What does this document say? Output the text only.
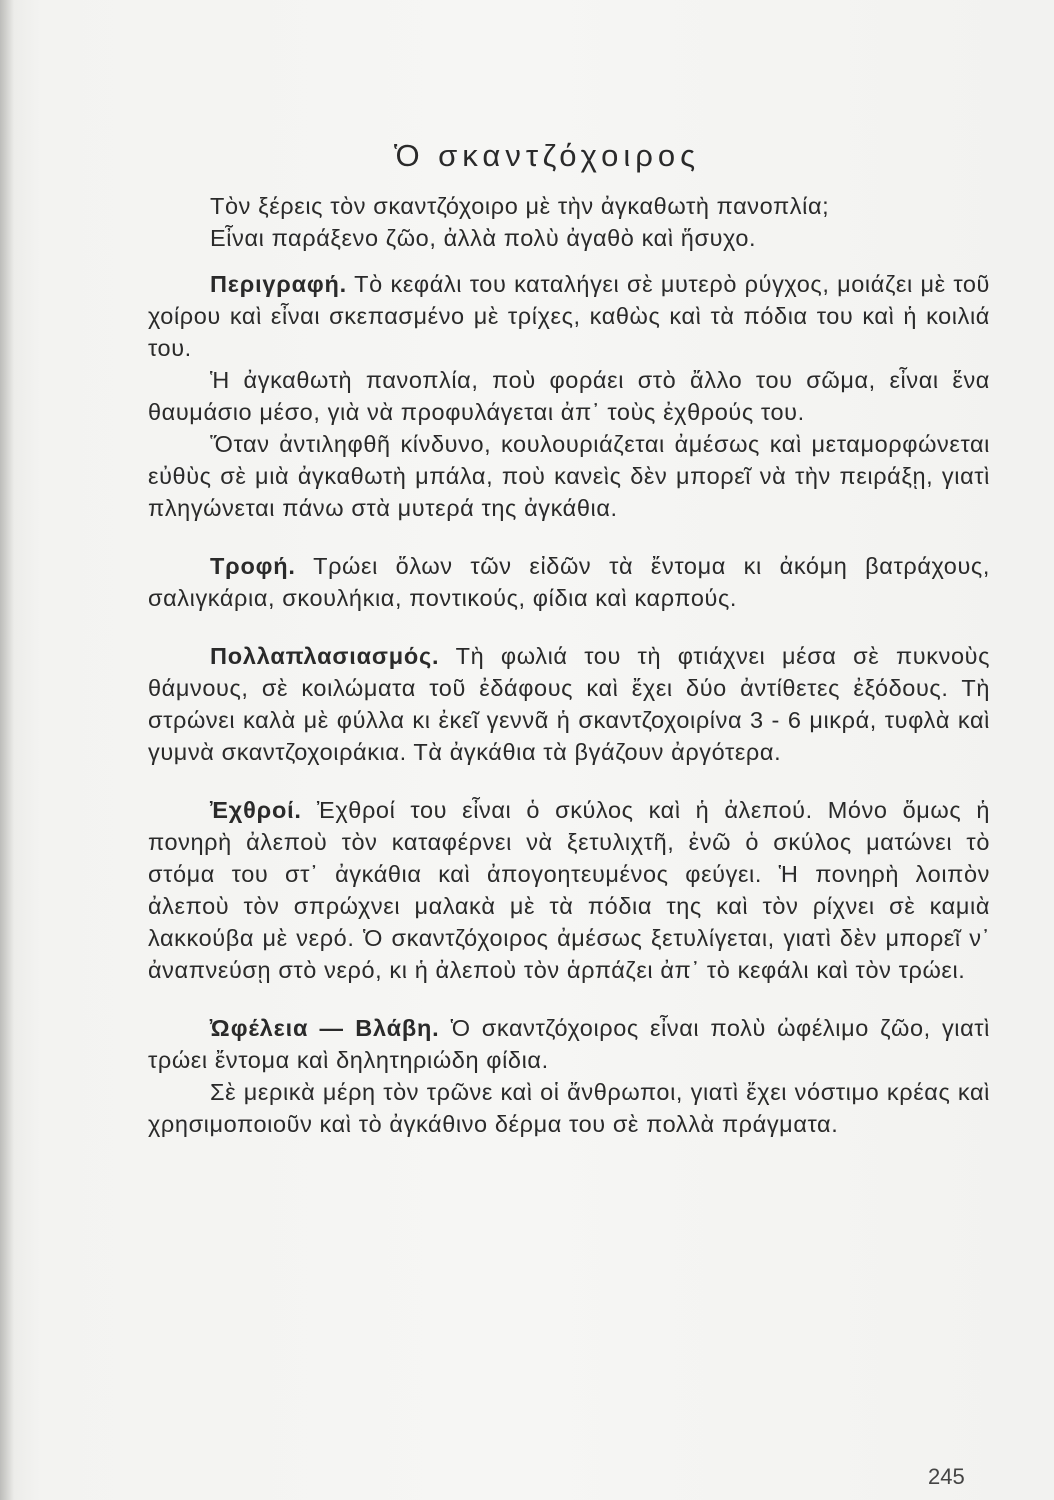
Ὁ σκαντζόχοιρος

Τὸν ξέρεις τὸν σκαντζόχοιρο μὲ τὴν ἀγκαθωτὴ πανοπλία;

Εἶναι παράξενο ζῶο, ἀλλὰ πολὺ ἀγαθὸ καὶ ἥσυχο.

Περιγραφή. Τὸ κεφάλι του καταλήγει σὲ μυτερὸ ρύγχος, μοιάζει μὲ τοῦ χοίρου καὶ εἶναι σκεπασμένο μὲ τρίχες, καθὼς καὶ τὰ πόδια του καὶ ἡ κοιλιά του.

Ἡ ἀγκαθωτὴ πανοπλία, ποὺ φοράει στὸ ἄλλο του σῶμα, εἶναι ἕνα θαυμάσιο μέσο, γιὰ νὰ προφυλάγεται ἀπ᾿ τοὺς ἐχθρούς του.

Ὅταν ἀντιληφθῆ κίνδυνο, κουλουριάζεται ἀμέσως καὶ μεταμορφώνεται εὐθὺς σὲ μιὰ ἀγκαθωτὴ μπάλα, ποὺ κανεὶς δὲν μπορεῖ νὰ τὴν πειράξῃ, γιατὶ πληγώνεται πάνω στὰ μυτερά της ἀγκάθια.

Τροφή. Τρώει ὅλων τῶν εἰδῶν τὰ ἔντομα κι ἀκόμη βατράχους, σαλιγκάρια, σκουλήκια, ποντικούς, φίδια καὶ καρπούς.

Πολλαπλασιασμός. Τὴ φωλιά του τὴ φτιάχνει μέσα σὲ πυκνοὺς θάμνους, σὲ κοιλώματα τοῦ ἐδάφους καὶ ἔχει δύο ἀντίθετες ἐξόδους. Τὴ στρώνει καλὰ μὲ φύλλα κι ἐκεῖ γεννᾶ ἡ σκαντζοχοιρίνα 3 - 6 μικρά, τυφλὰ καὶ γυμνὰ σκαντζοχοιράκια. Τὰ ἀγκάθια τὰ βγάζουν ἀργότερα.

Ἐχθροί. Ἐχθροί του εἶναι ὁ σκύλος καὶ ἡ ἀλεπού. Μόνο ὅμως ἡ πονηρὴ ἀλεποὺ τὸν καταφέρνει νὰ ξετυλιχτῆ, ἐνῶ ὁ σκύλος ματώνει τὸ στόμα του στ᾿ ἀγκάθια καὶ ἀπογοητευμένος φεύγει. Ἡ πονηρὴ λοιπὸν ἀλεποὺ τὸν σπρώχνει μαλακὰ μὲ τὰ πόδια της καὶ τὸν ρίχνει σὲ καμιὰ λακκούβα μὲ νερό. Ὁ σκαντζόχοιρος ἀμέσως ξετυλίγεται, γιατὶ δὲν μπορεῖ ν᾿ ἀναπνεύσῃ στὸ νερό, κι ἡ ἀλεποὺ τὸν ἁρπάζει ἀπ᾿ τὸ κεφάλι καὶ τὸν τρώει.

Ὠφέλεια — Βλάβη. Ὁ σκαντζόχοιρος εἶναι πολὺ ὠφέλιμο ζῶο, γιατὶ τρώει ἔντομα καὶ δηλητηριώδη φίδια.

Σὲ μερικὰ μέρη τὸν τρῶνε καὶ οἱ ἄνθρωποι, γιατὶ ἔχει νόστιμο κρέας καὶ χρησιμοποιοῦν καὶ τὸ ἀγκάθινο δέρμα του σὲ πολλὰ πράγματα.

245
